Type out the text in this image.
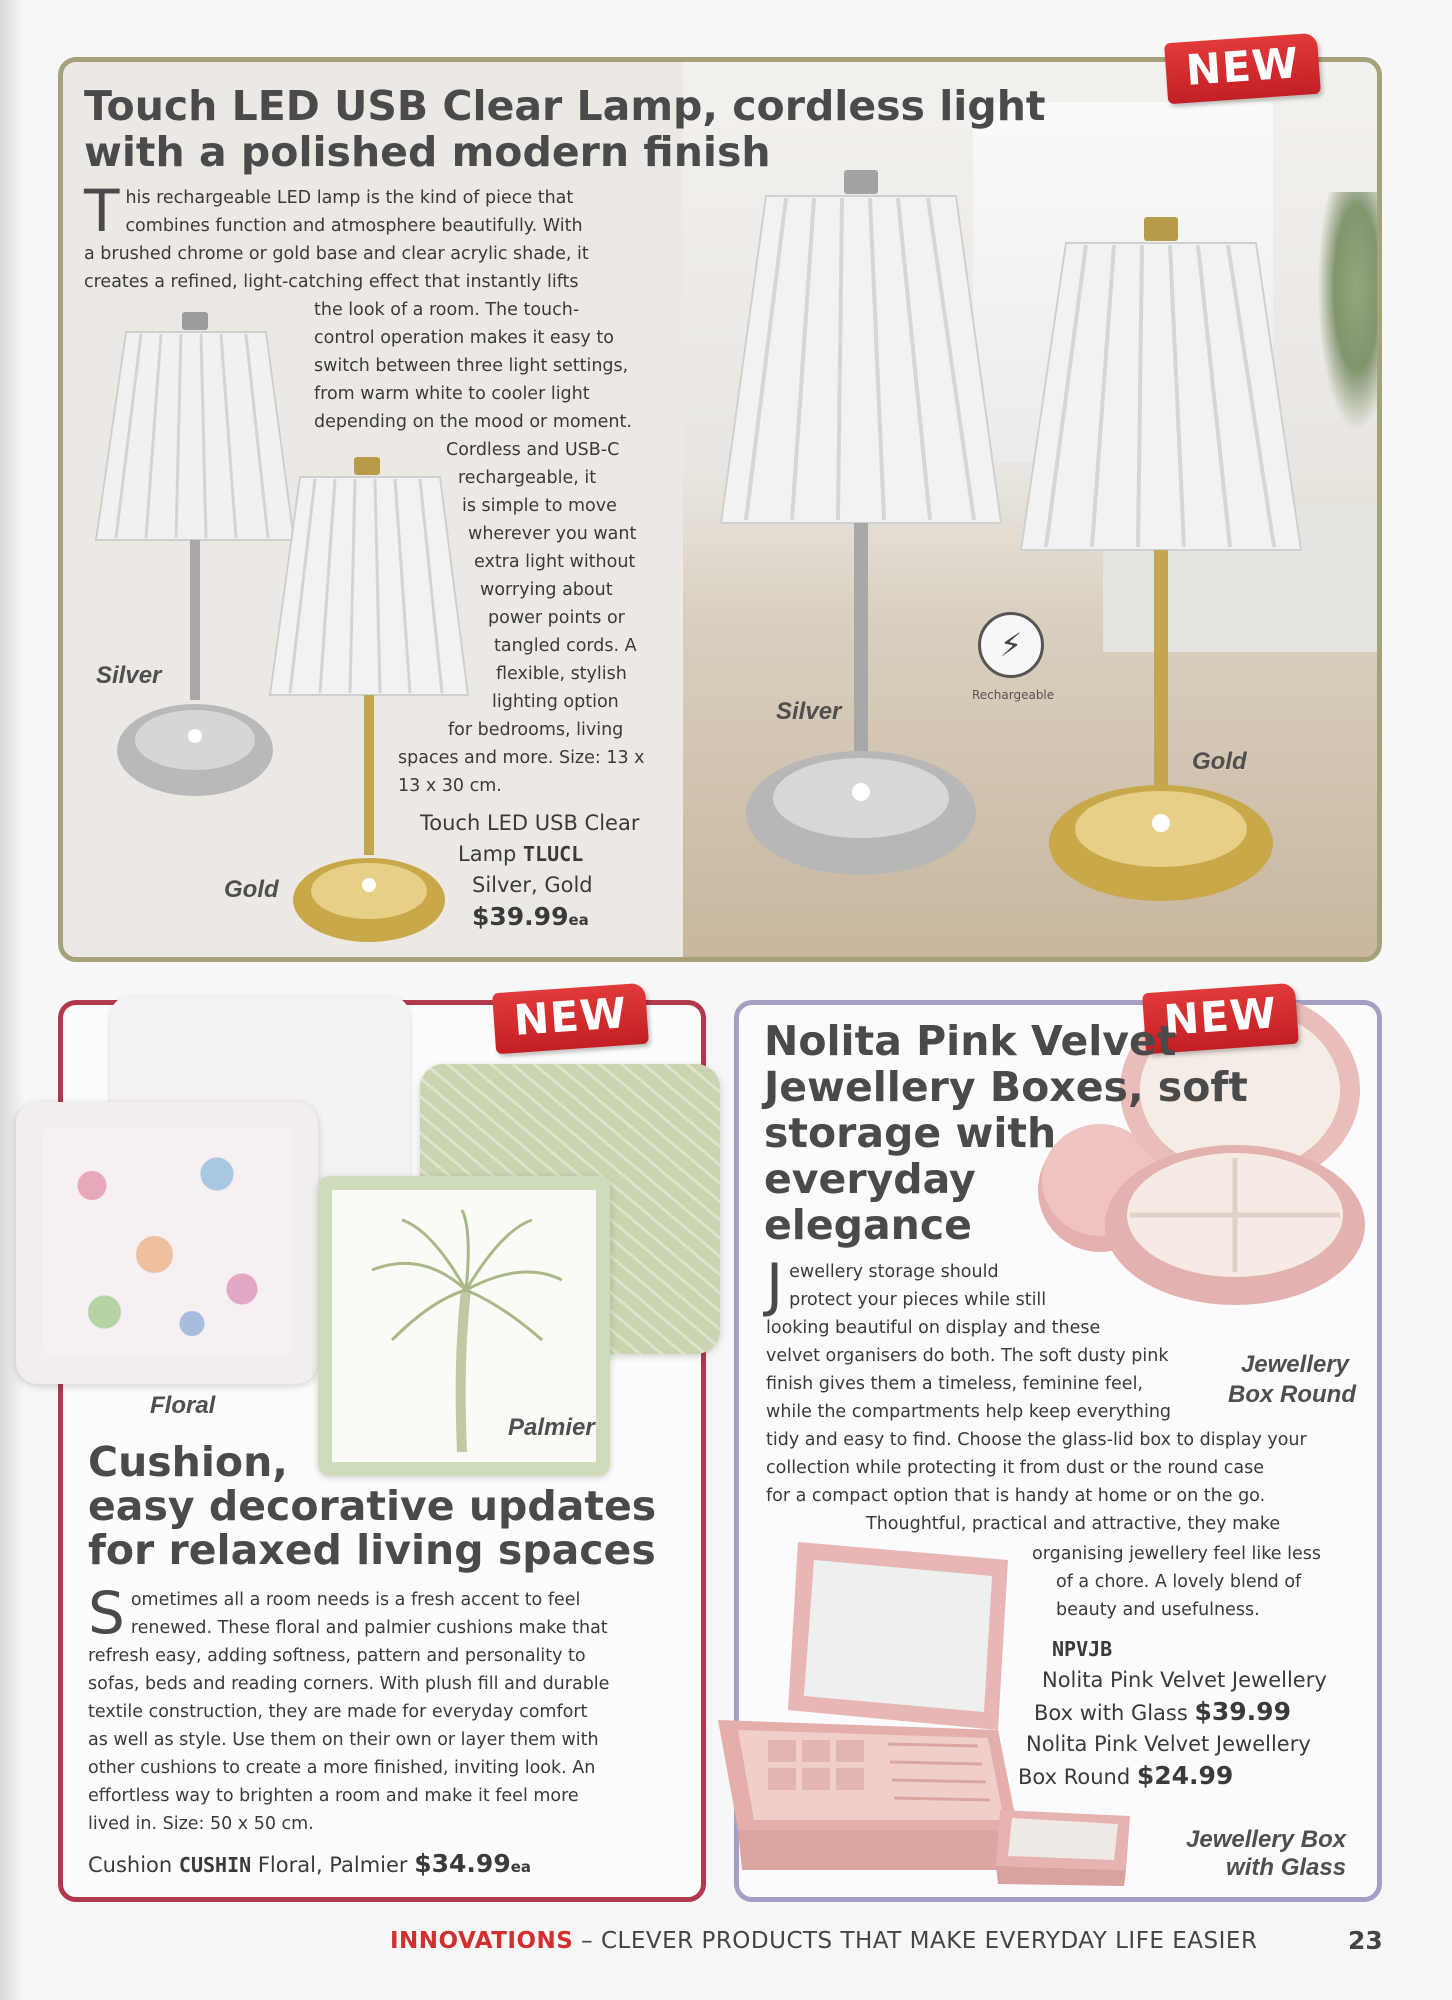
NEW
Touch LED USB Clear Lamp, cordless light
with a polished modern finish
T his rechargeable LED lamp is the kind of piece that
combines function and atmosphere beautifully. With
a brushed chrome or gold base and clear acrylic shade, it
creates a refined, light-catching effect that instantly lifts
the look of a room. The touch-
control operation makes it easy to
switch between three light settings,
from warm white to cooler light
depending on the mood or moment.
Cordless and USB-C
rechargeable, it
is simple to move
wherever you want
extra light without
worrying about
power points or
tangled cords. A
flexible, stylish
lighting option
for bedrooms, living
spaces and more. Size: 13 x
13 x 30 cm.
Touch LED USB Clear
Lamp TLUCL
Silver, Gold
$39.99ea
⚡
Rechargeable
Silver
Gold
Silver
Gold
NEW
Floral
Palmier
Cushion,
easy decorative updates
for relaxed living spaces
S ometimes all a room needs is a fresh accent to feel
renewed. These floral and palmier cushions make that
refresh easy, adding softness, pattern and personality to
sofas, beds and reading corners. With plush fill and durable
textile construction, they are made for everyday comfort
as well as style. Use them on their own or layer them with
other cushions to create a more finished, inviting look. An
effortless way to brighten a room and make it feel more
lived in. Size: 50 x 50 cm.
Cushion CUSHIN Floral, Palmier $34.99ea
NEW
Nolita Pink Velvet
Jewellery Boxes, soft
storage with
everyday
elegance
Jewellery
Box Round
J ewellery storage should
protect your pieces while still
looking beautiful on display and these
velvet organisers do both. The soft dusty pink
finish gives them a timeless, feminine feel,
while the compartments help keep everything
tidy and easy to find. Choose the glass-lid box to display your
collection while protecting it from dust or the round case
for a compact option that is handy at home or on the go.
Thoughtful, practical and attractive, they make
organising jewellery feel like less
of a chore. A lovely blend of
beauty and usefulness.
NPVJB
Nolita Pink Velvet Jewellery
Box with Glass $39.99
Nolita Pink Velvet Jewellery
Box Round $24.99
Jewellery Box
with Glass
INNOVATIONS – CLEVER PRODUCTS THAT MAKE EVERYDAY LIFE EASIER	23
